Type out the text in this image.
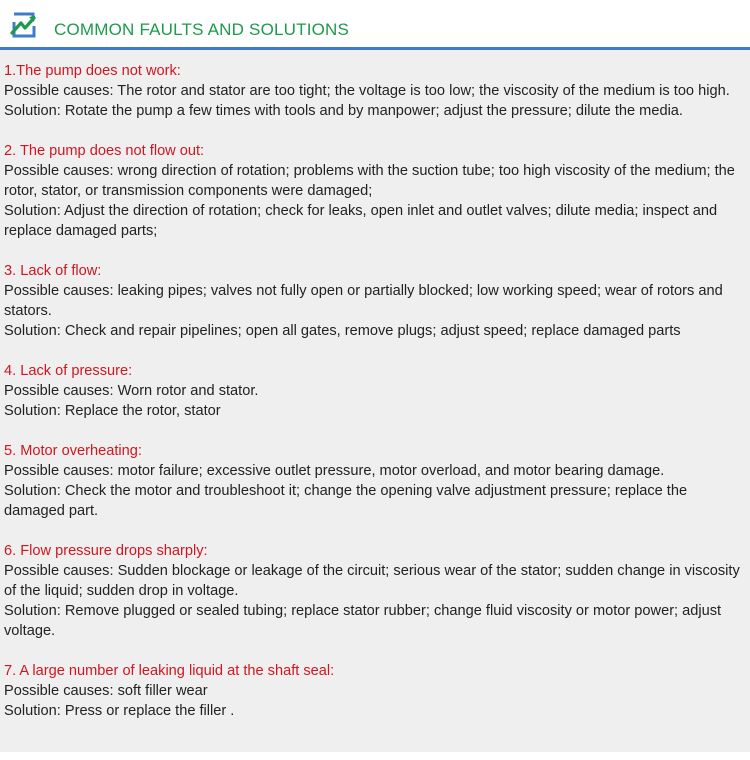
COMMON FAULTS AND SOLUTIONS
1.The pump does not work:
Possible causes: The rotor and stator are too tight; the voltage is too low; the viscosity of the medium is too high.
Solution: Rotate the pump a few times with tools and by manpower; adjust the pressure; dilute the media.
2. The pump does not flow out:
Possible causes: wrong direction of rotation; problems with the suction tube; too high viscosity of the medium; the rotor, stator, or transmission components were damaged;
Solution: Adjust the direction of rotation; check for leaks, open inlet and outlet valves; dilute media; inspect and replace damaged parts;
3. Lack of flow:
Possible causes: leaking pipes; valves not fully open or partially blocked; low working speed; wear of rotors and stators.
Solution: Check and repair pipelines; open all gates, remove plugs; adjust speed; replace damaged parts
4. Lack of pressure:
Possible causes: Worn rotor and stator.
Solution: Replace the rotor, stator
5. Motor overheating:
Possible causes: motor failure; excessive outlet pressure, motor overload, and motor bearing damage.
Solution: Check the motor and troubleshoot it; change the opening valve adjustment pressure; replace the damaged part.
6. Flow pressure drops sharply:
Possible causes: Sudden blockage or leakage of the circuit; serious wear of the stator; sudden change in viscosity of the liquid; sudden drop in voltage.
Solution: Remove plugged or sealed tubing; replace stator rubber; change fluid viscosity or motor power; adjust voltage.
7. A large number of leaking liquid at the shaft seal:
Possible causes: soft filler wear
Solution: Press or replace the filler .
